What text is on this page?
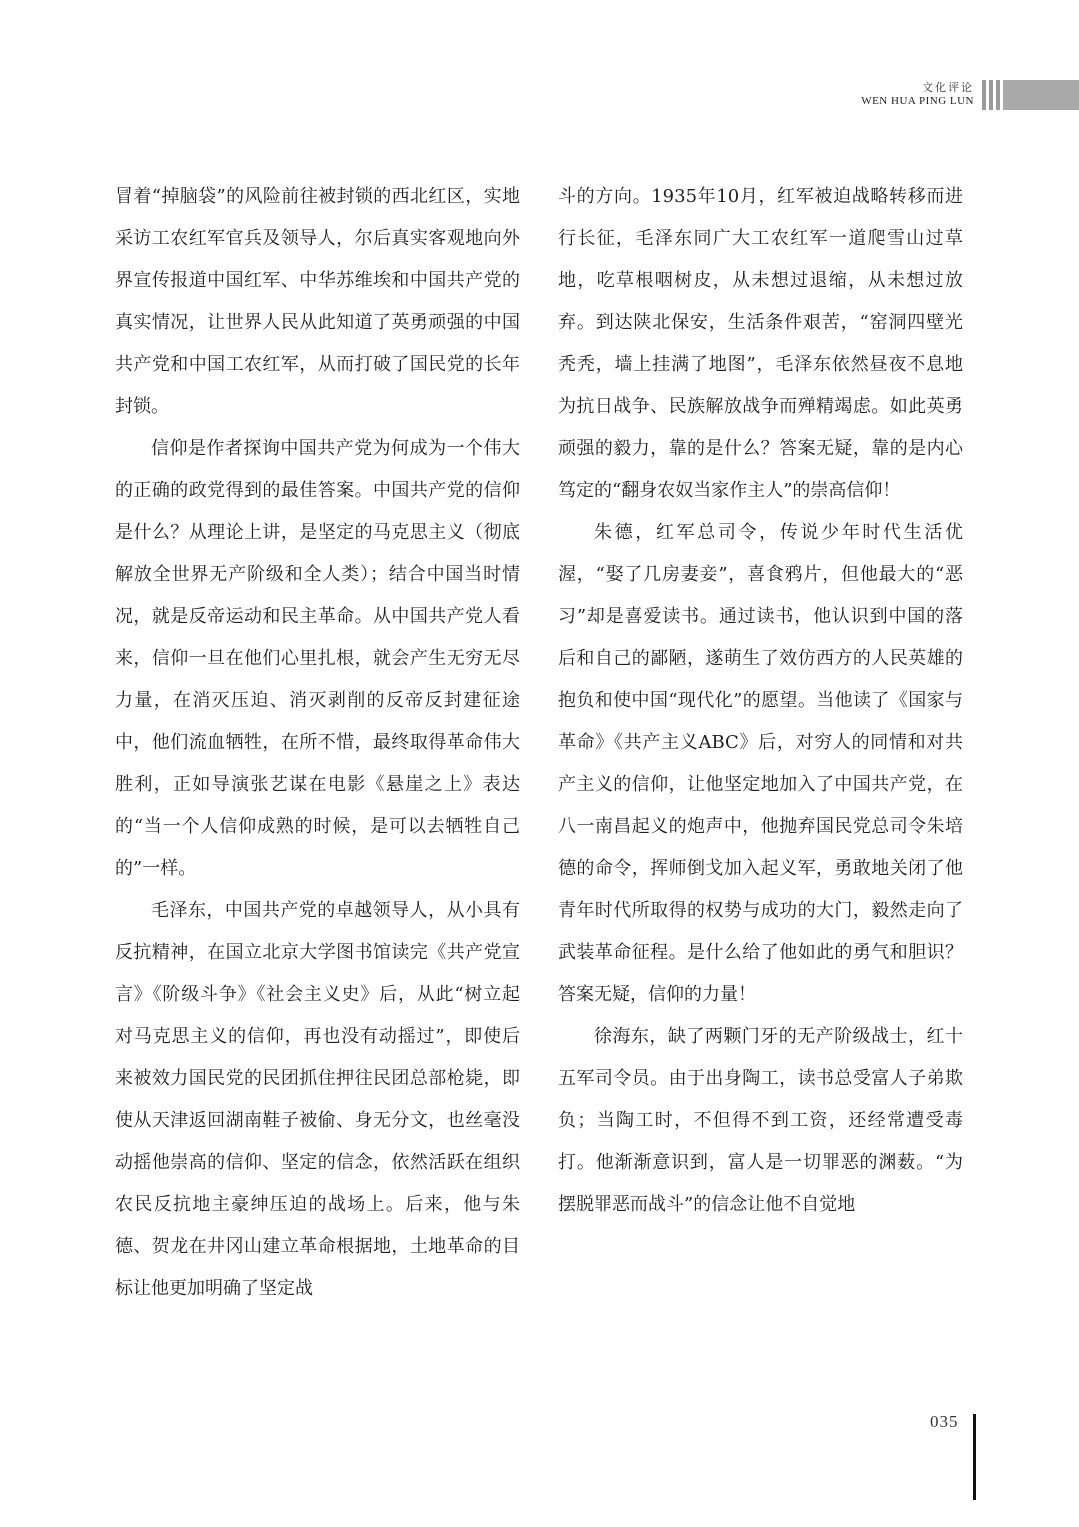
文化评论
WEN HUA PING LUN

冒着“掉脑袋”的风险前往被封锁的西北红区，实地采访工农红军官兵及领导人，尔后真实客观地向外界宣传报道中国红军、中华苏维埃和中国共产党的真实情况，让世界人民从此知道了英勇顽强的中国共产党和中国工农红军，从而打破了国民党的长年封锁。

信仰是作者探询中国共产党为何成为一个伟大的正确的政党得到的最佳答案。中国共产党的信仰是什么？从理论上讲，是坚定的马克思主义（彻底解放全世界无产阶级和全人类）；结合中国当时情况，就是反帝运动和民主革命。从中国共产党人看来，信仰一旦在他们心里扎根，就会产生无穷无尽力量，在消灭压迫、消灭剥削的反帝反封建征途中，他们流血牺牲，在所不惜，最终取得革命伟大胜利，正如导演张艺谋在电影《悬崖之上》表达的“当一个人信仰成熟的时候，是可以去牺牲自己的”一样。

毛泽东，中国共产党的卓越领导人，从小具有反抗精神，在国立北京大学图书馆读完《共产党宣言》《阶级斗争》《社会主义史》后，从此“树立起对马克思主义的信仰，再也没有动摇过”，即使后来被效力国民党的民团抓住押往民团总部枪毙，即使从天津返回湖南鞋子被偷、身无分文，也丝毫没动摇他崇高的信仰、坚定的信念，依然活跃在组织农民反抗地主豪绅压迫的战场上。后来，他与朱德、贺龙在井冈山建立革命根据地，土地革命的目标让他更加明确了坚定战

斗的方向。1935年10月，红军被迫战略转移而进行长征，毛泽东同广大工农红军一道爬雪山过草地，吃草根咽树皮，从未想过退缩，从未想过放弃。到达陕北保安，生活条件艰苦，“窑洞四壁光秃秃，墙上挂满了地图”，毛泽东依然昼夜不息地为抗日战争、民族解放战争而殚精竭虑。如此英勇顽强的毅力，靠的是什么？答案无疑，靠的是内心笃定的“翻身农奴当家作主人”的崇高信仰！

朱德，红军总司令，传说少年时代生活优渥，“娶了几房妻妾”，喜食鸦片，但他最大的“恶习”却是喜爱读书。通过读书，他认识到中国的落后和自己的鄙陋，遂萌生了效仿西方的人民英雄的抱负和使中国“现代化”的愿望。当他读了《国家与革命》《共产主义ABC》后，对穷人的同情和对共产主义的信仰，让他坚定地加入了中国共产党，在八一南昌起义的炮声中，他抛弃国民党总司令朱培德的命令，挥师倒戈加入起义军，勇敢地关闭了他青年时代所取得的权势与成功的大门，毅然走向了武装革命征程。是什么给了他如此的勇气和胆识？答案无疑，信仰的力量！

徐海东，缺了两颗门牙的无产阶级战士，红十五军司令员。由于出身陶工，读书总受富人子弟欺负；当陶工时，不但得不到工资，还经常遭受毒打。他渐渐意识到，富人是一切罪恶的渊薮。“为摆脱罪恶而战斗”的信念让他不自觉地

035
